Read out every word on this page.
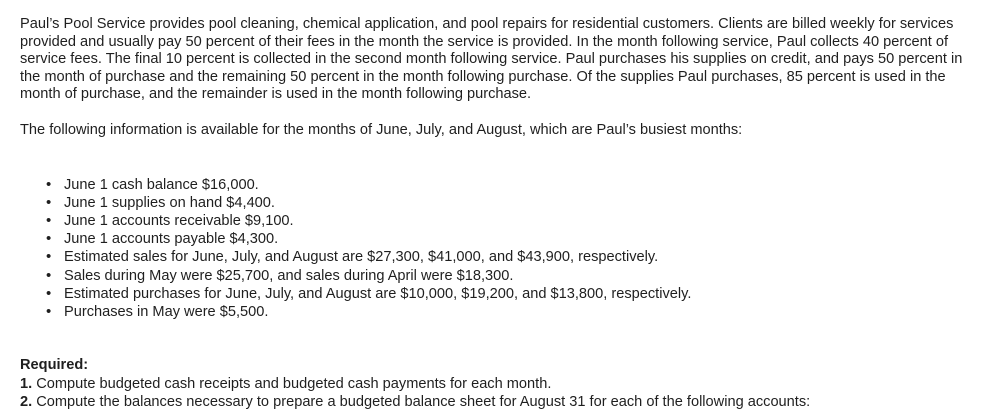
Paul’s Pool Service provides pool cleaning, chemical application, and pool repairs for residential customers. Clients are billed weekly for services provided and usually pay 50 percent of their fees in the month the service is provided. In the month following service, Paul collects 40 percent of service fees. The final 10 percent is collected in the second month following service. Paul purchases his supplies on credit, and pays 50 percent in the month of purchase and the remaining 50 percent in the month following purchase. Of the supplies Paul purchases, 85 percent is used in the month of purchase, and the remainder is used in the month following purchase.

The following information is available for the months of June, July, and August, which are Paul’s busiest months:

• June 1 cash balance $16,000.
• June 1 supplies on hand $4,400.
• June 1 accounts receivable $9,100.
• June 1 accounts payable $4,300.
• Estimated sales for June, July, and August are $27,300, $41,000, and $43,900, respectively.
• Sales during May were $25,700, and sales during April were $18,300.
• Estimated purchases for June, July, and August are $10,000, $19,200, and $13,800, respectively.
• Purchases in May were $5,500.

Required:

1. Compute budgeted cash receipts and budgeted cash payments for each month.

2. Compute the balances necessary to prepare a budgeted balance sheet for August 31 for each of the following accounts:
